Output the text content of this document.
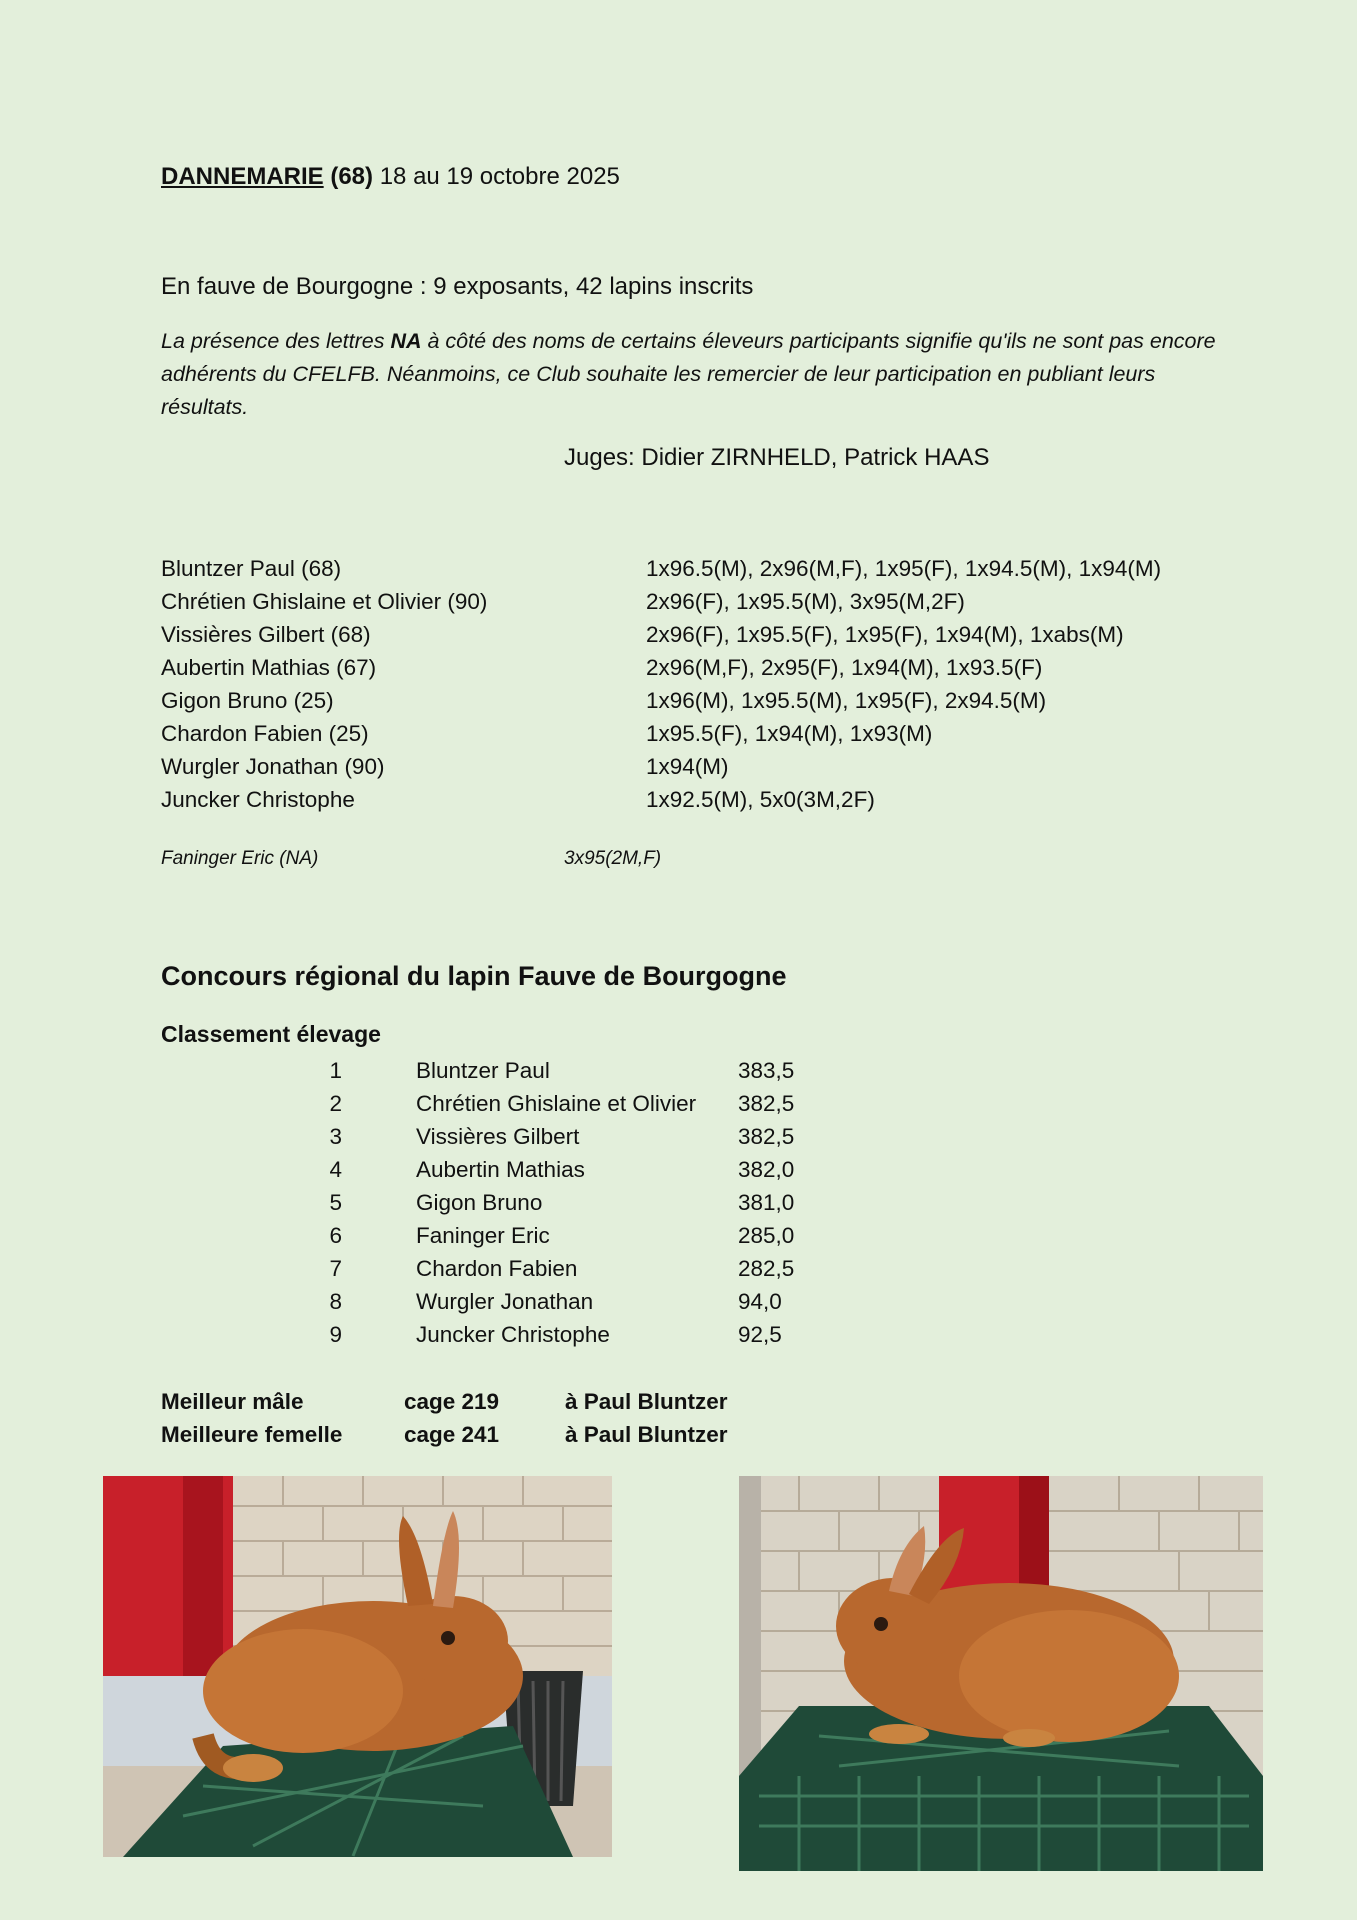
DANNEMARIE (68) 18 au 19 octobre 2025
En fauve de Bourgogne : 9 exposants, 42 lapins inscrits
La présence des lettres NA à côté des noms de certains éleveurs participants signifie qu'ils ne sont pas encore adhérents du CFELFB. Néanmoins, ce Club souhaite les remercier de leur participation en publiant leurs résultats.
Juges: Didier ZIRNHELD, Patrick HAAS
Bluntzer Paul (68)	1x96.5(M), 2x96(M,F), 1x95(F), 1x94.5(M), 1x94(M)
Chrétien Ghislaine et Olivier (90)	2x96(F), 1x95.5(M), 3x95(M,2F)
Vissières Gilbert (68)	2x96(F), 1x95.5(F), 1x95(F), 1x94(M), 1xabs(M)
Aubertin Mathias (67)	2x96(M,F), 2x95(F), 1x94(M), 1x93.5(F)
Gigon Bruno (25)	1x96(M), 1x95.5(M), 1x95(F), 2x94.5(M)
Chardon Fabien (25)	1x95.5(F), 1x94(M), 1x93(M)
Wurgler Jonathan (90)	1x94(M)
Juncker Christophe	1x92.5(M), 5x0(3M,2F)
Faninger Eric (NA)	3x95(2M,F)
Concours régional du lapin Fauve de Bourgogne
Classement élevage
1	Bluntzer Paul	383,5
2	Chrétien Ghislaine et Olivier	382,5
3	Vissières Gilbert	382,5
4	Aubertin Mathias	382,0
5	Gigon Bruno	381,0
6	Faninger Eric	285,0
7	Chardon Fabien	282,5
8	Wurgler Jonathan	94,0
9	Juncker Christophe	92,5
Meilleur mâle	cage 219	à Paul Bluntzer
Meilleure femelle	cage 241	à Paul Bluntzer
